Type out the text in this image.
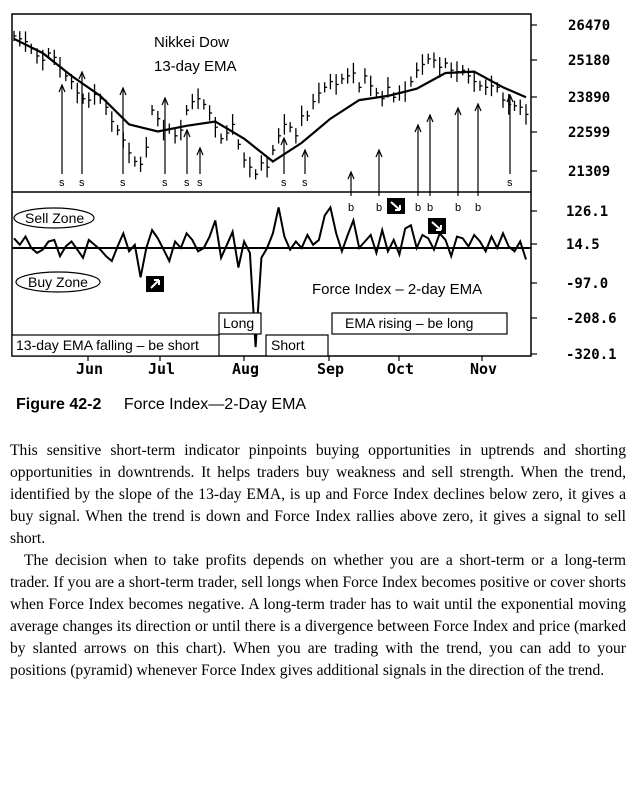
Nikkei Dow
13-day EMA
s s	s	s s s	s s	s
b b	b b b b
26470
25180
23890
22599
21309
126.1
14.5
-97.0
-208.6
-320.1
Sell Zone
Buy Zone	Force Index – 2-day EMA
13-day EMA falling – be short
Long
Short
EMA rising – be long
Jun	Jul	Aug	Sep	Oct	Nov
Figure 42-2 Force Index—2-Day EMA

This sensitive short-term indicator pinpoints buying opportunities in uptrends and shorting opportunities in downtrends. It helps traders buy weakness and sell strength. When the trend, identified by the slope of the 13-day EMA, is up and Force Index declines below zero, it gives a buy signal. When the trend is down and Force Index rallies above zero, it gives a signal to sell short.

The decision when to take profits depends on whether you are a short-term or a long-term trader. If you are a short-term trader, sell longs when Force Index becomes positive or cover shorts when Force Index becomes negative. A long-term trader has to wait until the exponential moving average changes its direction or until there is a divergence between Force Index and price (marked by slanted arrows on this chart). When you are trading with the trend, you can add to your positions (pyramid) whenever Force Index gives additional signals in the direction of the trend.
